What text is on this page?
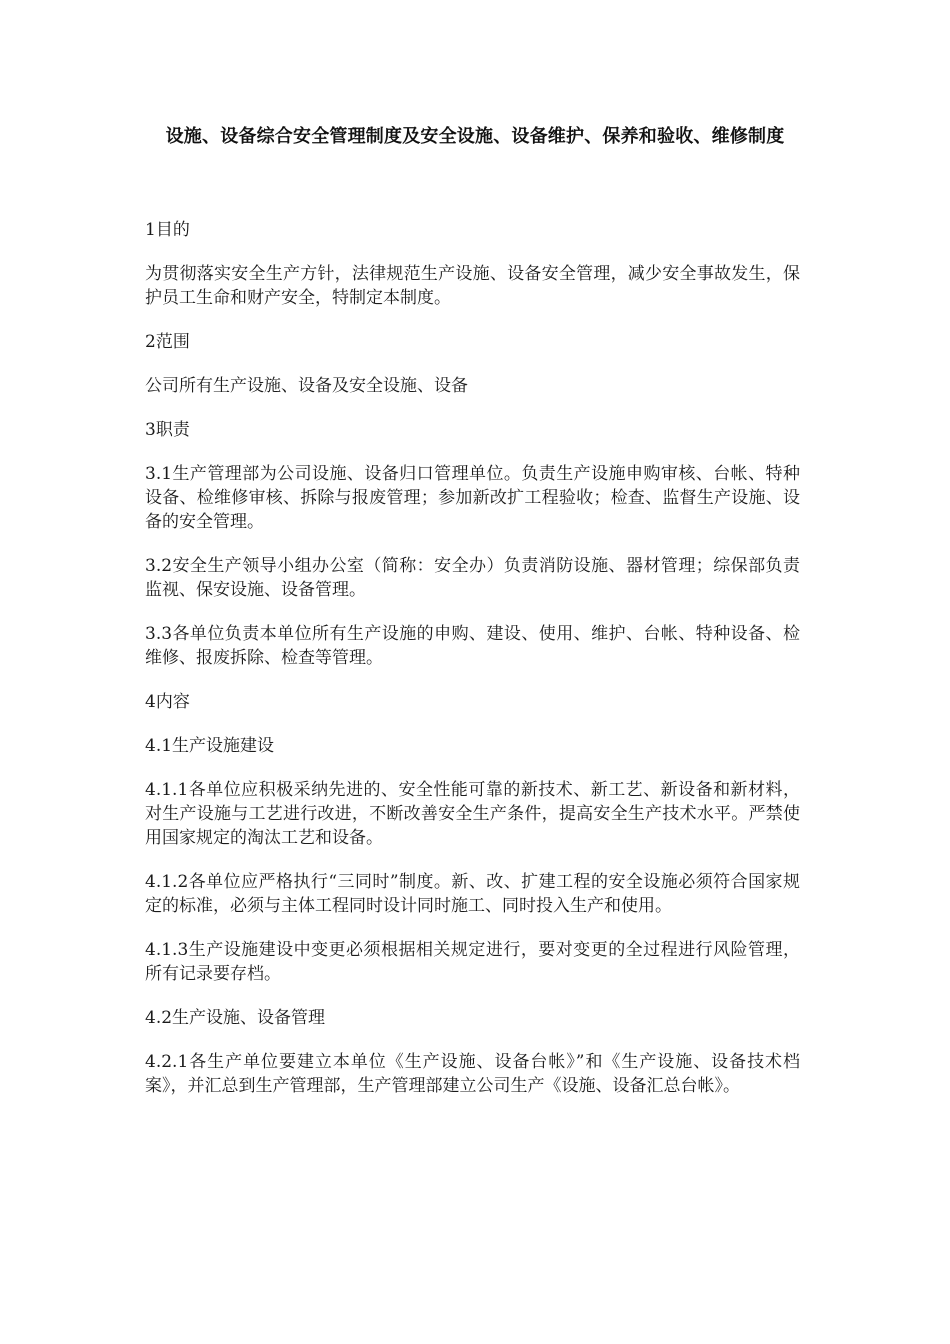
设施、设备综合安全管理制度及安全设施、设备维护、保养和验收、维修制度

1目的

为贯彻落实安全生产方针，法律规范生产设施、设备安全管理，减少安全事故发生，保护员工生命和财产安全，特制定本制度。

2范围

公司所有生产设施、设备及安全设施、设备

3职责

3.1生产管理部为公司设施、设备归口管理单位。负责生产设施申购审核、台帐、特种设备、检维修审核、拆除与报废管理；参加新改扩工程验收；检查、监督生产设施、设备的安全管理。

3.2安全生产领导小组办公室（简称：安全办）负责消防设施、器材管理；综保部负责监视、保安设施、设备管理。

3.3各单位负责本单位所有生产设施的申购、建设、使用、维护、台帐、特种设备、检维修、报废拆除、检查等管理。

4内容

4.1生产设施建设

4.1.1各单位应积极采纳先进的、安全性能可靠的新技术、新工艺、新设备和新材料，对生产设施与工艺进行改进，不断改善安全生产条件，提高安全生产技术水平。严禁使用国家规定的淘汰工艺和设备。

4.1.2各单位应严格执行“三同时”制度。新、改、扩建工程的安全设施必须符合国家规定的标准，必须与主体工程同时设计同时施工、同时投入生产和使用。

4.1.3生产设施建设中变更必须根据相关规定进行，要对变更的全过程进行风险管理，所有记录要存档。

4.2生产设施、设备管理

4.2.1各生产单位要建立本单位《生产设施、设备台帐》”和《生产设施、设备技术档案》，并汇总到生产管理部，生产管理部建立公司生产《设施、设备汇总台帐》。
